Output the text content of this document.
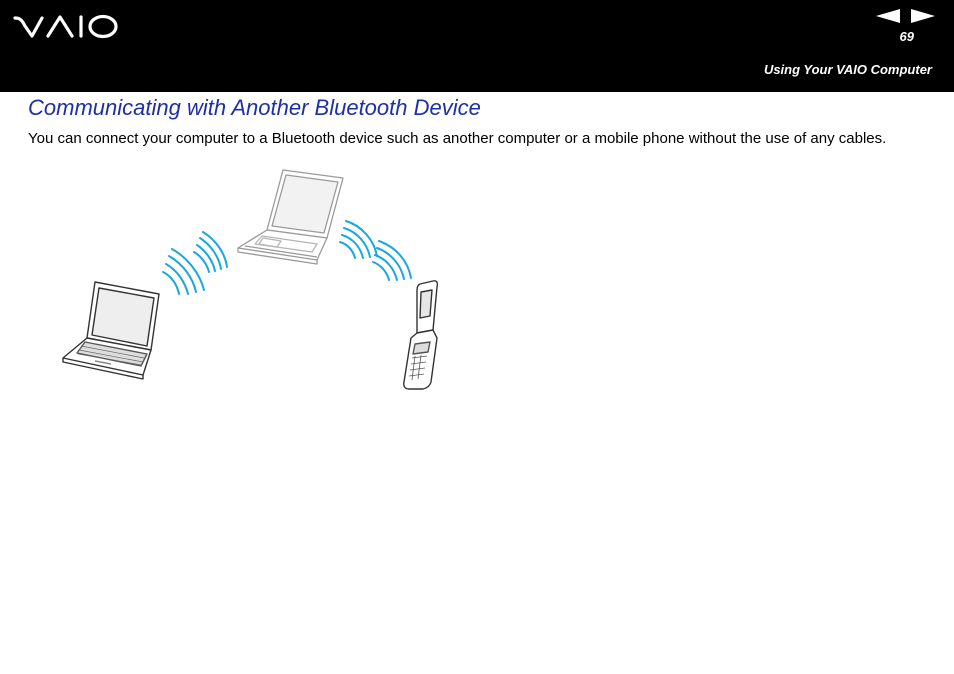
69
Using Your VAIO Computer
Communicating with Another Bluetooth Device

You can connect your computer to a Bluetooth device such as another computer or a mobile phone without the use of any cables.
